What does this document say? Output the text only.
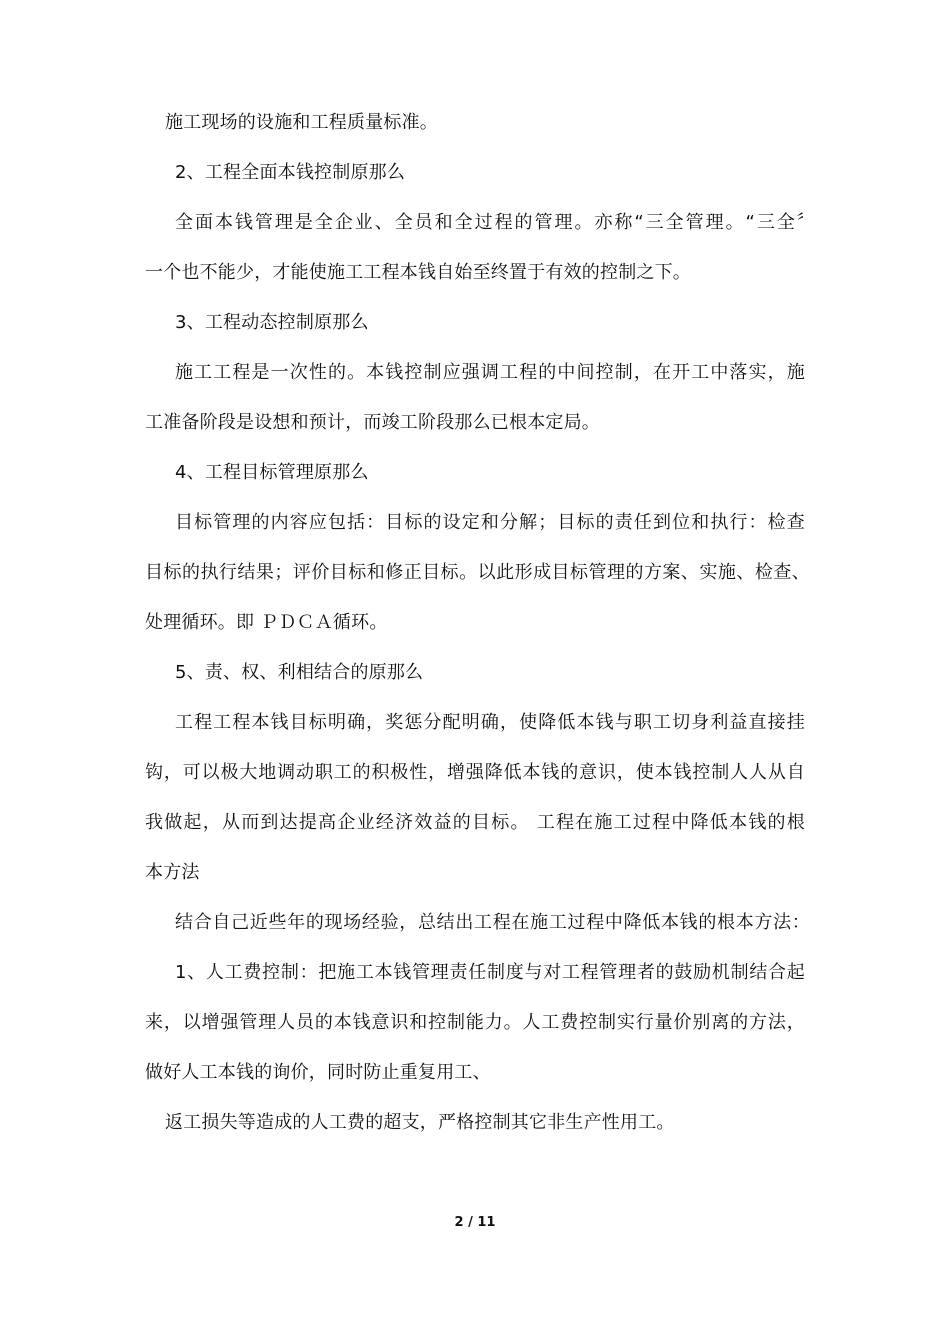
施工现场的设施和工程质量标准。
2、工程全面本钱控制原那么
全面本钱管理是全企业、全员和全过程的管理。亦称“三全管理。“三全〞
一个也不能少，才能使施工工程本钱自始至终置于有效的控制之下。
3、工程动态控制原那么
施工工程是一次性的。本钱控制应强调工程的中间控制，在开工中落实，施
工准备阶段是设想和预计，而竣工阶段那么已根本定局。
4、工程目标管理原那么
目标管理的内容应包括：目标的设定和分解；目标的责任到位和执行：检查
目标的执行结果；评价目标和修正目标。以此形成目标管理的方案、实施、检查、
处理循环。即 ＰＤＣＡ循环。
5、责、权、利相结合的原那么
工程工程本钱目标明确，奖惩分配明确，使降低本钱与职工切身利益直接挂
钩，可以极大地调动职工的积极性，增强降低本钱的意识，使本钱控制人人从自
我做起，从而到达提高企业经济效益的目标。 工程在施工过程中降低本钱的根
本方法
结合自己近些年的现场经验，总结出工程在施工过程中降低本钱的根本方法：
1、人工费控制：把施工本钱管理责任制度与对工程管理者的鼓励机制结合起
来，以增强管理人员的本钱意识和控制能力。人工费控制实行量价别离的方法，
做好人工本钱的询价，同时防止重复用工、
返工损失等造成的人工费的超支，严格控制其它非生产性用工。
2 / 11
